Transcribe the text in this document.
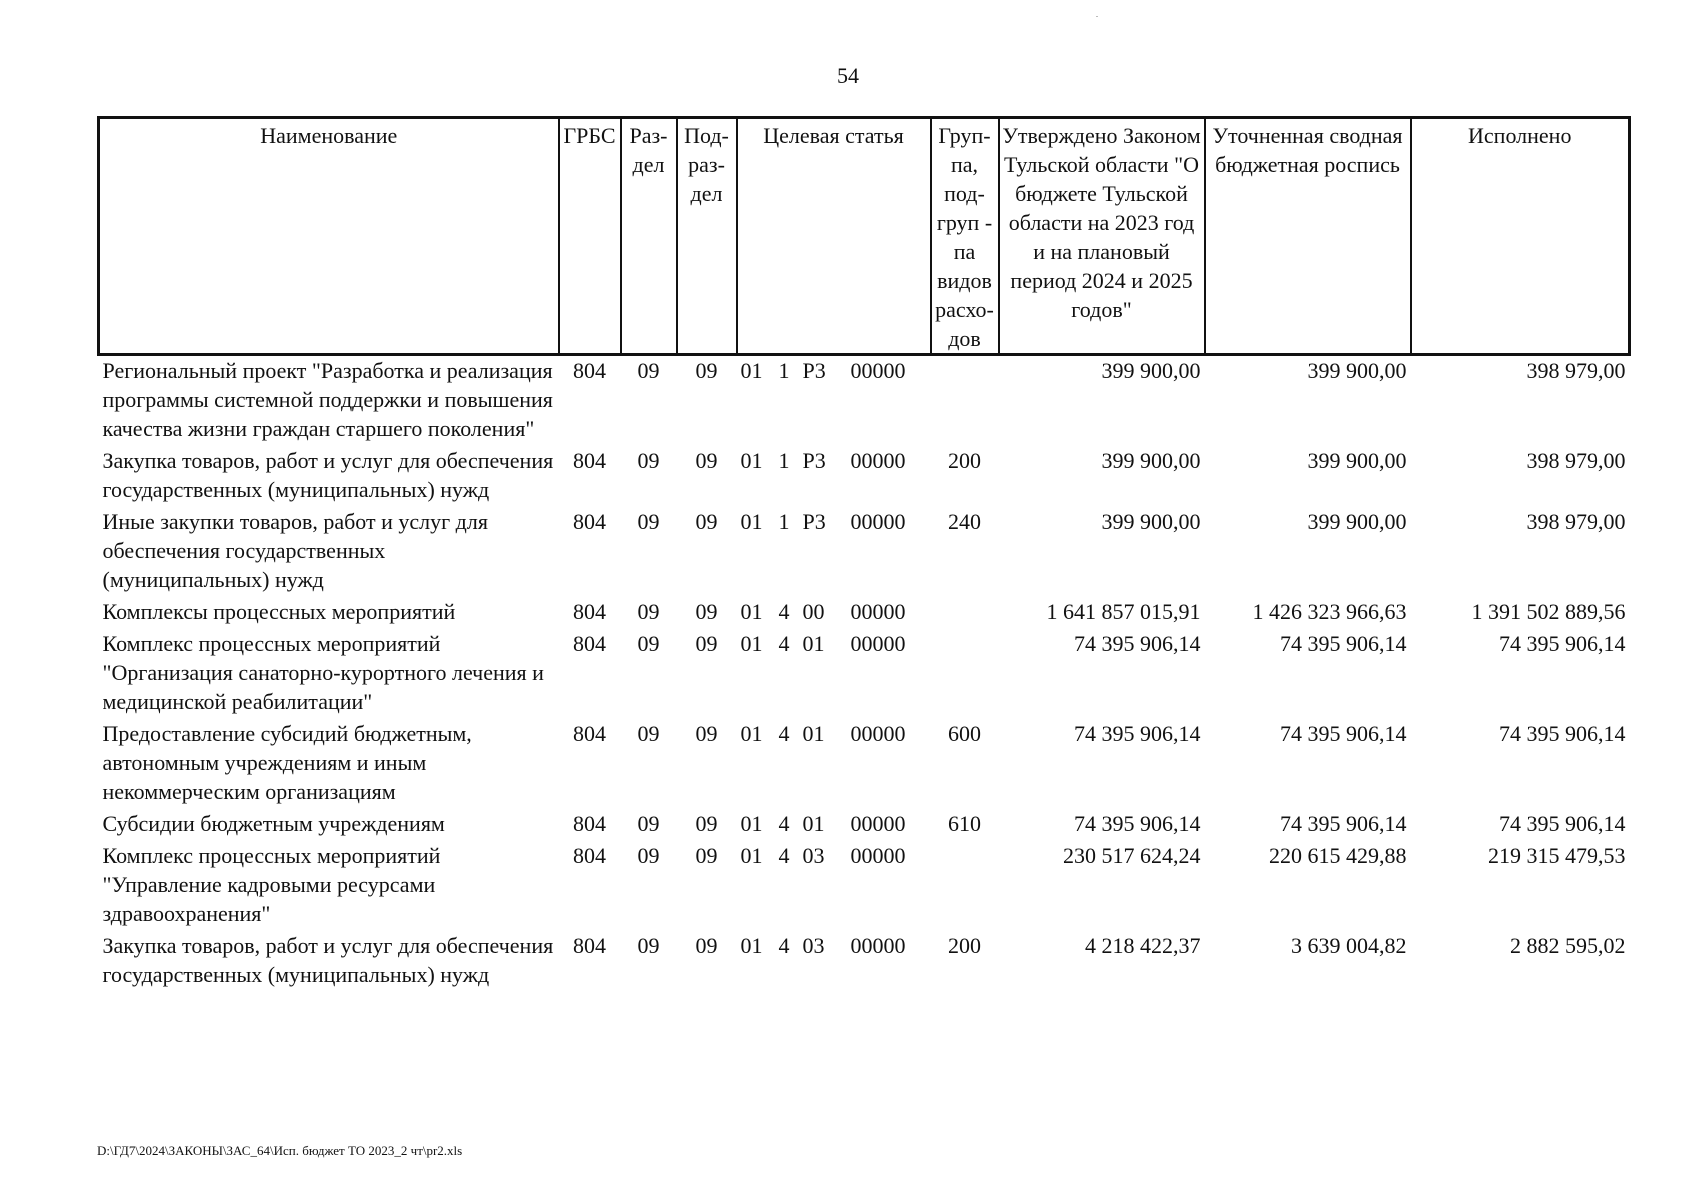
54
Наименование	ГРБС	Раз-дел	Под-раз-дел	Целевая статья	Груп-па, под-груп - па видов расхо-дов	Утверждено Законом Тульской области "О бюджете Тульской области на 2023 год и на плановый период 2024 и 2025 годов"	Уточненная сводная бюджетная роспись	Исполнено
Региональный проект "Разработка и реализация программы системной поддержки и повышения качества жизни граждан старшего поколения"	804	09	09	01 1 Р3 00000		399 900,00	399 900,00	398 979,00
Закупка товаров, работ и услуг для обеспечения государственных (муниципальных) нужд	804	09	09	01 1 Р3 00000	200	399 900,00	399 900,00	398 979,00
Иные закупки товаров, работ и услуг для обеспечения государственных (муниципальных) нужд	804	09	09	01 1 Р3 00000	240	399 900,00	399 900,00	398 979,00
Комплексы процессных мероприятий	804	09	09	01 4 00 00000		1 641 857 015,91	1 426 323 966,63	1 391 502 889,56
Комплекс процессных мероприятий "Организация санаторно-курортного лечения и медицинской реабилитации"	804	09	09	01 4 01 00000		74 395 906,14	74 395 906,14	74 395 906,14
Предоставление субсидий бюджетным, автономным учреждениям и иным некоммерческим организациям	804	09	09	01 4 01 00000	600	74 395 906,14	74 395 906,14	74 395 906,14
Субсидии бюджетным учреждениям	804	09	09	01 4 01 00000	610	74 395 906,14	74 395 906,14	74 395 906,14
Комплекс процессных мероприятий "Управление кадровыми ресурсами здравоохранения"	804	09	09	01 4 03 00000		230 517 624,24	220 615 429,88	219 315 479,53
Закупка товаров, работ и услуг для обеспечения государственных (муниципальных) нужд	804	09	09	01 4 03 00000	200	4 218 422,37	3 639 004,82	2 882 595,02
D:\ГД7\2024\ЗАКОНЫ\ЗАС_64\Исп. бюджет ТО 2023_2 чт\pr2.xls
